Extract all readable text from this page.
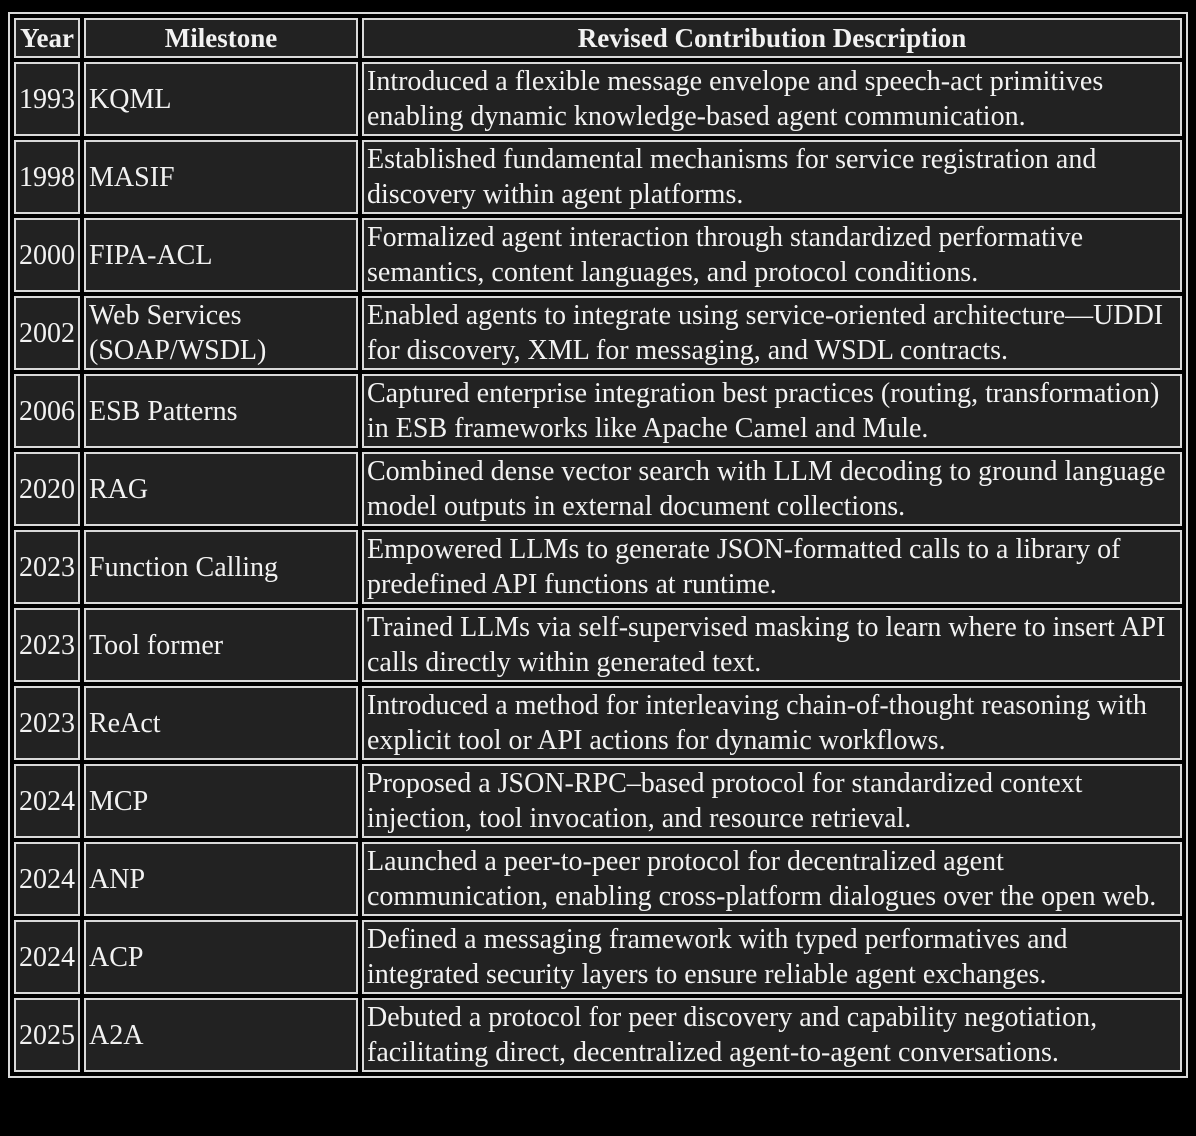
Year	Milestone	Revised Contribution Description
1993	KQML	Introduced a flexible message envelope and speech-act primitives enabling dynamic knowledge-based agent communication.
1998	MASIF	Established fundamental mechanisms for service registration and discovery within agent platforms.
2000	FIPA-ACL	Formalized agent interaction through standardized performative semantics, content languages, and protocol conditions.
2002	Web Services (SOAP/WSDL)	Enabled agents to integrate using service-oriented architecture—UDDI for discovery, XML for messaging, and WSDL contracts.
2006	ESB Patterns	Captured enterprise integration best practices (routing, transformation) in ESB frameworks like Apache Camel and Mule.
2020	RAG	Combined dense vector search with LLM decoding to ground language model outputs in external document collections.
2023	Function Calling	Empowered LLMs to generate JSON-formatted calls to a library of predefined API functions at runtime.
2023	Tool former	Trained LLMs via self-supervised masking to learn where to insert API calls directly within generated text.
2023	ReAct	Introduced a method for interleaving chain-of-thought reasoning with explicit tool or API actions for dynamic workflows.
2024	MCP	Proposed a JSON-RPC–based protocol for standardized context injection, tool invocation, and resource retrieval.
2024	ANP	Launched a peer-to-peer protocol for decentralized agent communication, enabling cross-platform dialogues over the open web.
2024	ACP	Defined a messaging framework with typed performatives and integrated security layers to ensure reliable agent exchanges.
2025	A2A	Debuted a protocol for peer discovery and capability negotiation, facilitating direct, decentralized agent-to-agent conversations.
